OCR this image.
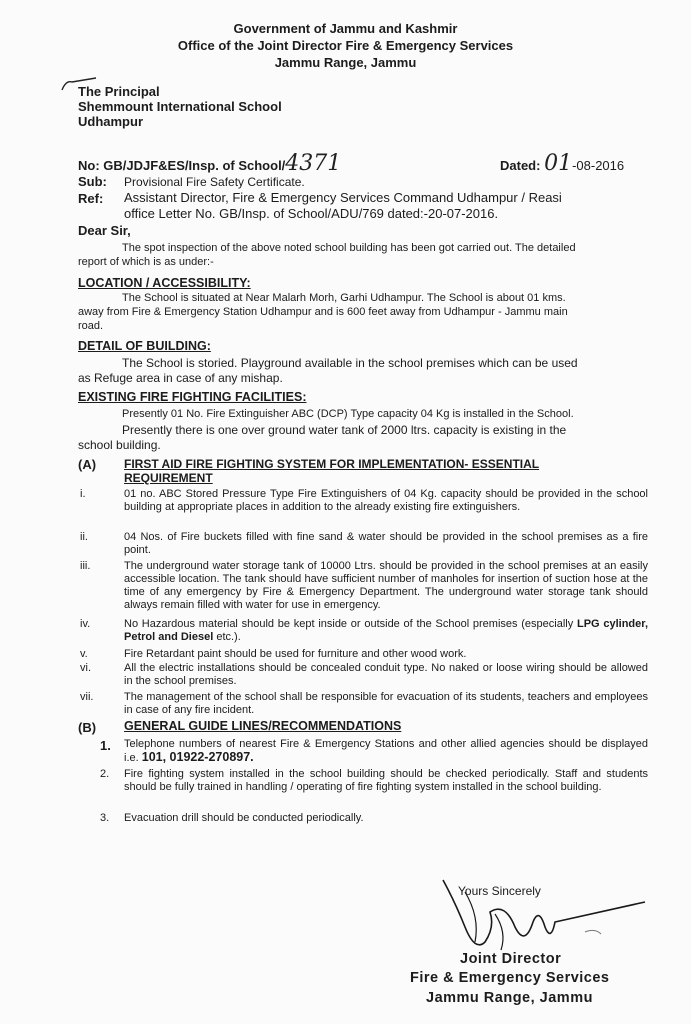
Government of Jammu and Kashmir
Office of the Joint Director Fire & Emergency Services
Jammu Range, Jammu
The Principal
Shemmount International School
Udhampur
No: GB/JDJF&ES/Insp. of School/4371	Dated: 01-08-2016
Sub: Provisional Fire Safety Certificate.
Ref: Assistant Director, Fire & Emergency Services Command Udhampur / Reasi
office Letter No. GB/Insp. of School/ADU/769 dated:-20-07-2016.
Dear Sir,
The spot inspection of the above noted school building has been got carried out. The detailed
report of which is as under:-
LOCATION / ACCESSIBILITY:
The School is situated at Near Malarh Morh, Garhi Udhampur. The School is about 01 kms.
away from Fire & Emergency Station Udhampur and is 600 feet away from Udhampur - Jammu main
road.
DETAIL OF BUILDING:
The School is storied. Playground available in the school premises which can be used
as Refuge area in case of any mishap.
EXISTING FIRE FIGHTING FACILITIES:
Presently 01 No. Fire Extinguisher ABC (DCP) Type capacity 04 Kg is installed in the School.
Presently there is one over ground water tank of 2000 ltrs. capacity is existing in the
school building.
(A) FIRST AID FIRE FIGHTING SYSTEM FOR IMPLEMENTATION- ESSENTIAL
REQUIREMENT
i.	01 no. ABC Stored Pressure Type Fire Extinguishers of 04 Kg. capacity should be provided in the school building at appropriate places in addition to the already existing fire extinguishers.
ii.	04 Nos. of Fire buckets filled with fine sand & water should be provided in the school premises as a fire point.
iii.	The underground water storage tank of 10000 Ltrs. should be provided in the school premises at an easily accessible location. The tank should have sufficient number of manholes for insertion of suction hose at the time of any emergency by Fire & Emergency Department. The underground water storage tank should always remain filled with water for use in emergency.
iv.	No Hazardous material should be kept inside or outside of the School premises (especially LPG cylinder, Petrol and Diesel etc.).
v.	Fire Retardant paint should be used for furniture and other wood work.
vi.	All the electric installations should be concealed conduit type. No naked or loose wiring should be allowed in the school premises.
vii.	The management of the school shall be responsible for evacuation of its students, teachers and employees in case of any fire incident.
(B) GENERAL GUIDE LINES/RECOMMENDATIONS
1. Telephone numbers of nearest Fire & Emergency Stations and other allied agencies should be displayed i.e. 101, 01922-270897.
2. Fire fighting system installed in the school building should be checked periodically. Staff and students should be fully trained in handling / operating of fire fighting system installed in the school building.
3. Evacuation drill should be conducted periodically.
Yours Sincerely
Joint Director
Fire & Emergency Services
Jammu Range, Jammu
